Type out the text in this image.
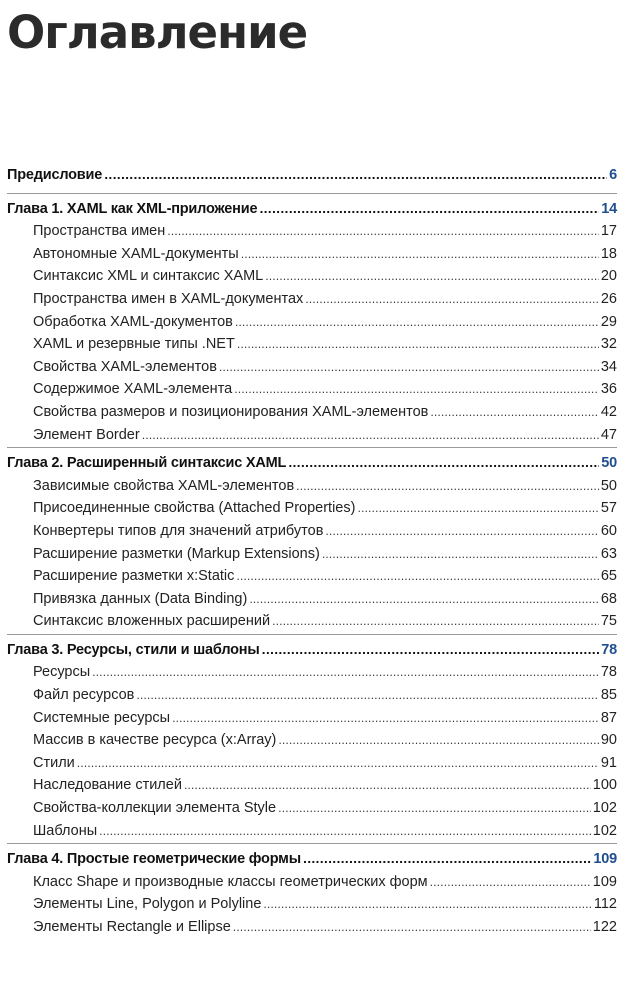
Оглавление
Предисловие .....	6
Глава 1. XAML как XML-приложение .....	14
Пространства имен .....	17
Автономные XAML-документы .....	18
Синтаксис XML и синтаксис XAML .....	20
Пространства имен в XAML-документах .....	26
Обработка XAML-документов .....	29
XAML и резервные типы .NET .....	32
Свойства XAML-элементов .....	34
Содержимое XAML-элемента .....	36
Свойства размеров и позиционирования XAML-элементов .....	42
Элемент Border .....	47
Глава 2. Расширенный синтаксис XAML .....	50
Зависимые свойства XAML-элементов .....	50
Присоединенные свойства (Attached Properties) .....	57
Конвертеры типов для значений атрибутов .....	60
Расширение разметки (Markup Extensions) .....	63
Расширение разметки x:Static .....	65
Привязка данных (Data Binding) .....	68
Синтаксис вложенных расширений .....	75
Глава 3. Ресурсы, стили и шаблоны .....	78
Ресурсы .....	78
Файл ресурсов .....	85
Системные ресурсы .....	87
Массив в качестве ресурса (x:Array) .....	90
Стили .....	91
Наследование стилей .....	100
Свойства-коллекции элемента Style .....	102
Шаблоны .....	102
Глава 4. Простые геометрические формы .....	109
Класс Shape и производные классы геометрических форм .....	109
Элементы Line, Polygon и Polyline .....	112
Элементы Rectangle и Ellipse .....	122
